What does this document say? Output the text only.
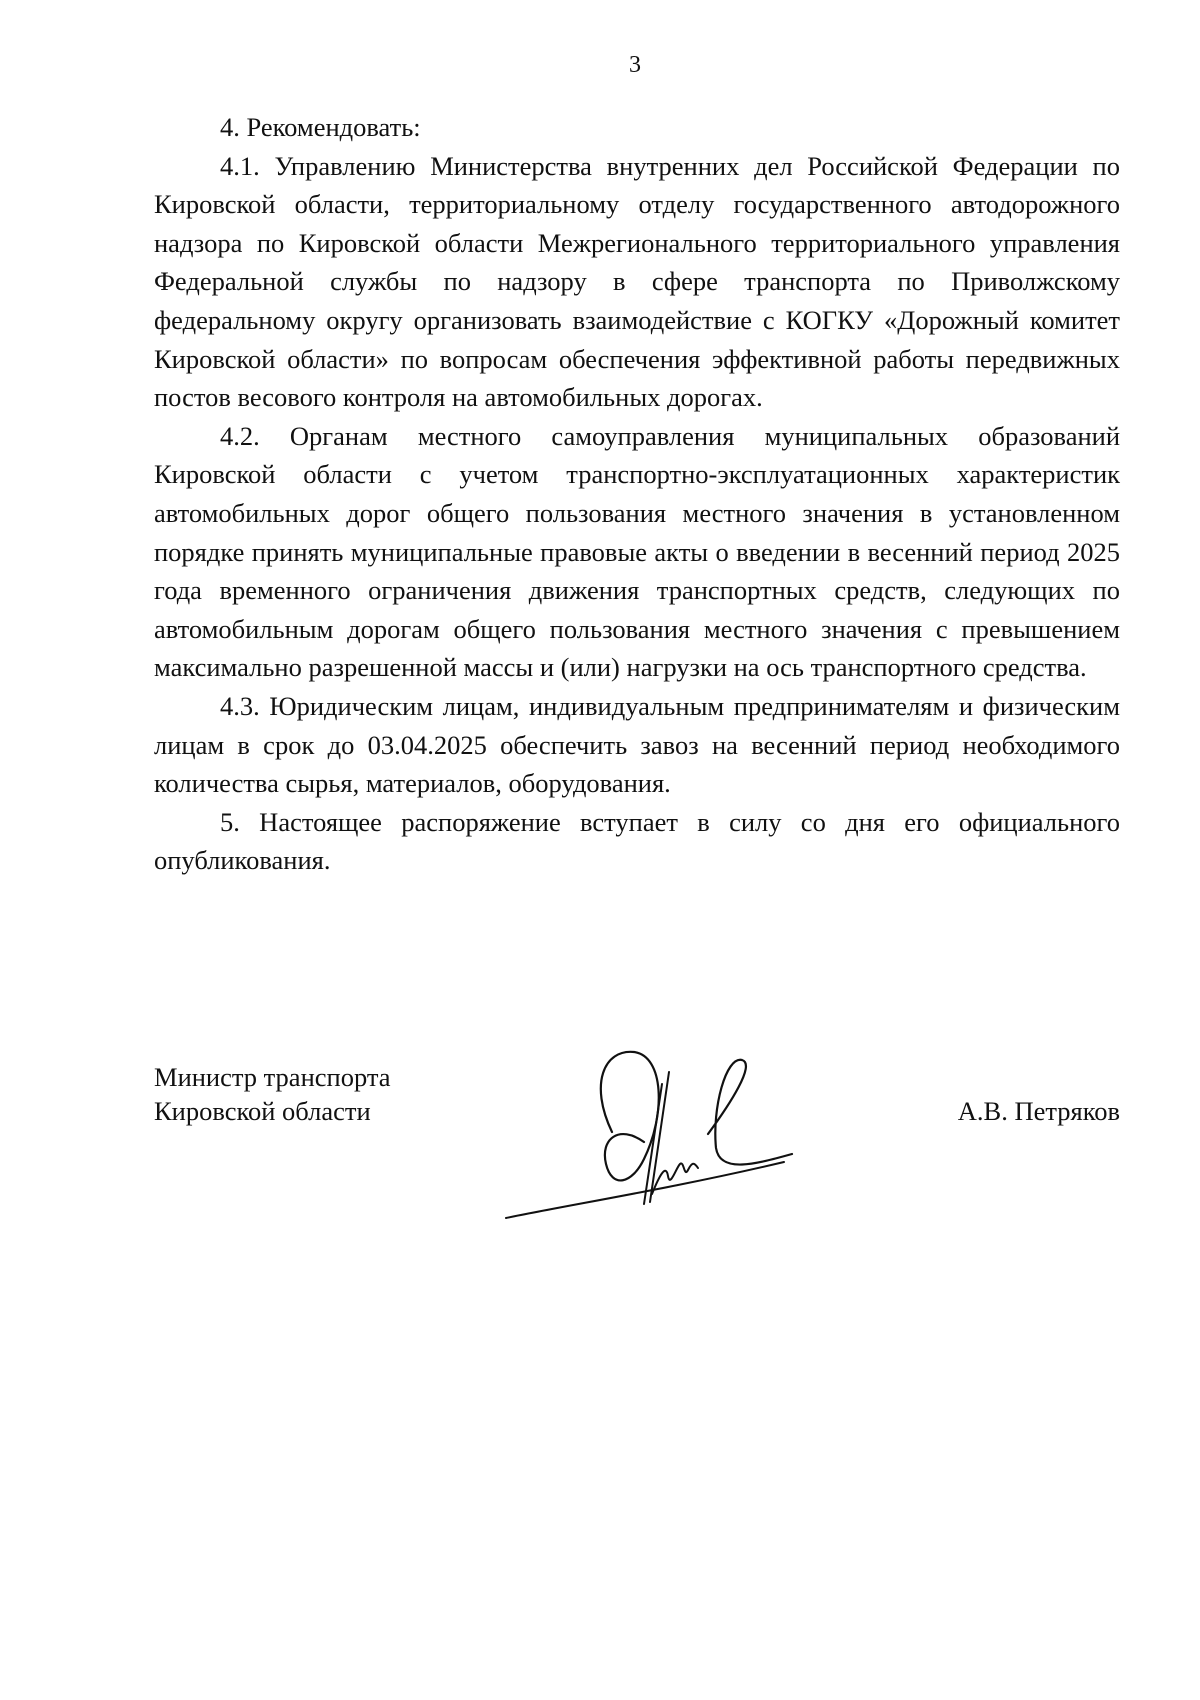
3

4. Рекомендовать:

4.1. Управлению Министерства внутренних дел Российской Федерации по Кировской области, территориальному отделу государственного автодорожного надзора по Кировской области Межрегионального территориального управления Федеральной службы по надзору в сфере транспорта по Приволжскому федеральному округу организовать взаимодействие с КОГКУ «Дорожный комитет Кировской области» по вопросам обеспечения эффективной работы передвижных постов весового контроля на автомобильных дорогах.

4.2. Органам местного самоуправления муниципальных образований Кировской области с учетом транспортно-эксплуатационных характеристик автомобильных дорог общего пользования местного значения в установленном порядке принять муниципальные правовые акты о введении в весенний период 2025 года временного ограничения движения транспортных средств, следующих по автомобильным дорогам общего пользования местного значения с превышением максимально разрешенной массы и (или) нагрузки на ось транспортного средства.

4.3. Юридическим лицам, индивидуальным предпринимателям и физическим лицам в срок до 03.04.2025 обеспечить завоз на весенний период необходимого количества сырья, материалов, оборудования.

5. Настоящее распоряжение вступает в силу со дня его официального опубликования.

Министр транспорта
Кировской области	А.В. Петряков
